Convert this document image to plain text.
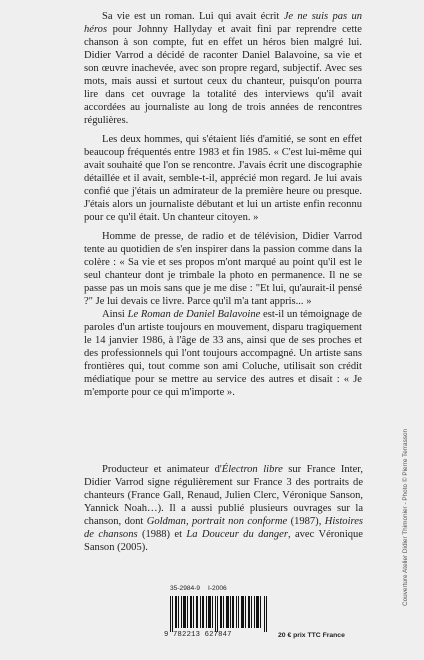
Sa vie est un roman. Lui qui avait écrit Je ne suis pas un héros pour Johnny Hallyday et avait fini par reprendre cette chanson à son compte, fut en effet un héros bien malgré lui. Didier Varrod a décidé de raconter Daniel Balavoine, sa vie et son œuvre inachevée, avec son propre regard, subjectif. Avec ses mots, mais aussi et surtout ceux du chanteur, puisqu'on pourra lire dans cet ouvrage la totalité des interviews qu'il avait accordées au journaliste au long de trois années de rencontres régulières.

Les deux hommes, qui s'étaient liés d'amitié, se sont en effet beaucoup fréquentés entre 1983 et fin 1985. « C'est lui-même qui avait souhaité que l'on se rencontre. J'avais écrit une discographie détaillée et il avait, semble-t-il, apprécié mon regard. Je lui avais confié que j'étais un admirateur de la première heure ou presque. J'étais alors un journaliste débutant et lui un artiste enfin reconnu pour ce qu'il était. Un chanteur citoyen. »

Homme de presse, de radio et de télévision, Didier Varrod tente au quotidien de s'en inspirer dans la passion comme dans la colère : « Sa vie et ses propos m'ont marqué au point qu'il est le seul chanteur dont je trimbale la photo en permanence. Il ne se passe pas un mois sans que je me dise : "Et lui, qu'aurait-il pensé ?" Je lui devais ce livre. Parce qu'il m'a tant appris... »

Ainsi Le Roman de Daniel Balavoine est-il un témoignage de paroles d'un artiste toujours en mouvement, disparu tragiquement le 14 janvier 1986, à l'âge de 33 ans, ainsi que de ses proches et des professionnels qui l'ont toujours accompagné. Un artiste sans frontières qui, tout comme son ami Coluche, utilisait son crédit médiatique pour se mettre au service des autres et disait : « Je m'emporte pour ce qui m'importe ».

Producteur et animateur d'Électron libre sur France Inter, Didier Varrod signe régulièrement sur France 3 des portraits de chanteurs (France Gall, Renaud, Julien Clerc, Véronique Sanson, Yannick Noah…). Il a aussi publié plusieurs ouvrages sur la chanson, dont Goldman, portrait non conforme (1987), Histoires de chansons (1988) et La Douceur du danger, avec Véronique Sanson (2005).	Couverture Atelier Didier Thimonier - Photo © Pierre Terrasson
35-2984-9 I-2006
9 782213 627847	20 € prix TTC France
